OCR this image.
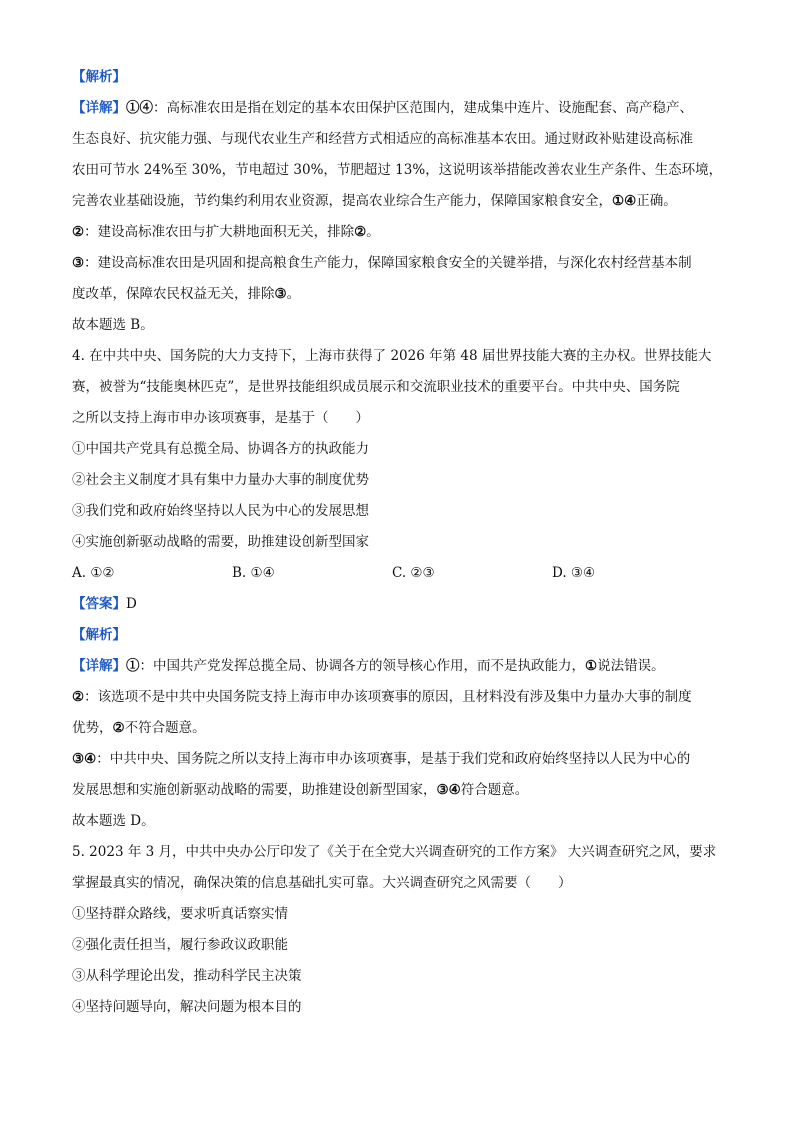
【解析】
【详解】①④：高标准农田是指在划定的基本农田保护区范围内，建成集中连片、设施配套、高产稳产、
生态良好、抗灾能力强、与现代农业生产和经营方式相适应的高标准基本农田。通过财政补贴建设高标准
农田可节水 24%至 30%，节电超过 30%，节肥超过 13%，这说明该举措能改善农业生产条件、生态环境，
完善农业基础设施，节约集约利用农业资源，提高农业综合生产能力，保障国家粮食安全，①④正确。
②：建设高标准农田与扩大耕地面积无关，排除②。
③：建设高标准农田是巩固和提高粮食生产能力，保障国家粮食安全的关键举措，与深化农村经营基本制
度改革，保障农民权益无关，排除③。
故本题选 B。
4. 在中共中央、国务院的大力支持下，上海市获得了 2026 年第 48 届世界技能大赛的主办权。世界技能大
赛，被誉为“技能奥林匹克”，是世界技能组织成员展示和交流职业技术的重要平台。中共中央、国务院
之所以支持上海市申办该项赛事，是基于（　　）
①中国共产党具有总揽全局、协调各方的执政能力
②社会主义制度才具有集中力量办大事的制度优势
③我们党和政府始终坚持以人民为中心的发展思想
④实施创新驱动战略的需要，助推建设创新型国家
A. ①②	B. ①④	C. ②③	D. ③④
【答案】D
【解析】
【详解】①：中国共产党发挥总揽全局、协调各方的领导核心作用，而不是执政能力，①说法错误。
②：该选项不是中共中央国务院支持上海市申办该项赛事的原因，且材料没有涉及集中力量办大事的制度
优势，②不符合题意。
③④：中共中央、国务院之所以支持上海市申办该项赛事，是基于我们党和政府始终坚持以人民为中心的
发展思想和实施创新驱动战略的需要，助推建设创新型国家，③④符合题意。
故本题选 D。
5. 2023 年 3 月，中共中央办公厅印发了《关于在全党大兴调查研究的工作方案》 大兴调查研究之风，要求
掌握最真实的情况，确保决策的信息基础扎实可靠。大兴调查研究之风需要（　　）
①坚持群众路线，要求听真话察实情
②强化责任担当，履行参政议政职能
③从科学理论出发，推动科学民主决策
④坚持问题导向，解决问题为根本目的
